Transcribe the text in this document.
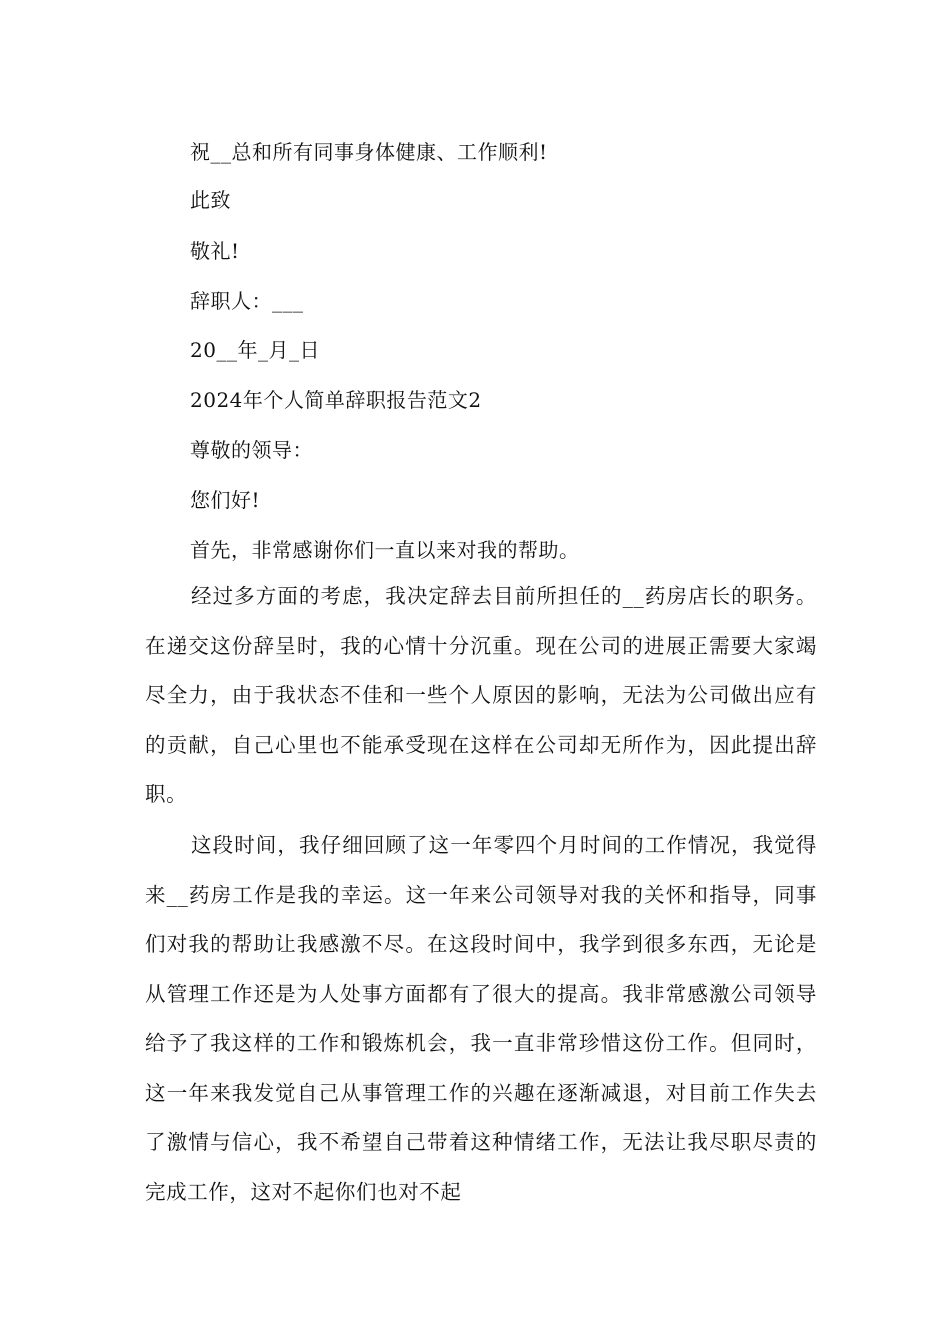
祝__总和所有同事身体健康、工作顺利!
此致
敬礼!
辞职人：___
20__年_月_日
2024年个人简单辞职报告范文2
尊敬的领导：
您们好!
首先，非常感谢你们一直以来对我的帮助。
经过多方面的考虑，我决定辞去目前所担任的__药房店长的职务。在递交这份辞呈时，我的心情十分沉重。现在公司的进展正需要大家竭尽全力，由于我状态不佳和一些个人原因的影响，无法为公司做出应有的贡献，自己心里也不能承受现在这样在公司却无所作为，因此提出辞职。
这段时间，我仔细回顾了这一年零四个月时间的工作情况，我觉得来__药房工作是我的幸运。这一年来公司领导对我的关怀和指导，同事们对我的帮助让我感激不尽。在这段时间中，我学到很多东西，无论是从管理工作还是为人处事方面都有了很大的提高。我非常感激公司领导给予了我这样的工作和锻炼机会，我一直非常珍惜这份工作。但同时，这一年来我发觉自己从事管理工作的兴趣在逐渐减退，对目前工作失去了激情与信心，我不希望自己带着这种情绪工作，无法让我尽职尽责的完成工作，这对不起你们也对不起
